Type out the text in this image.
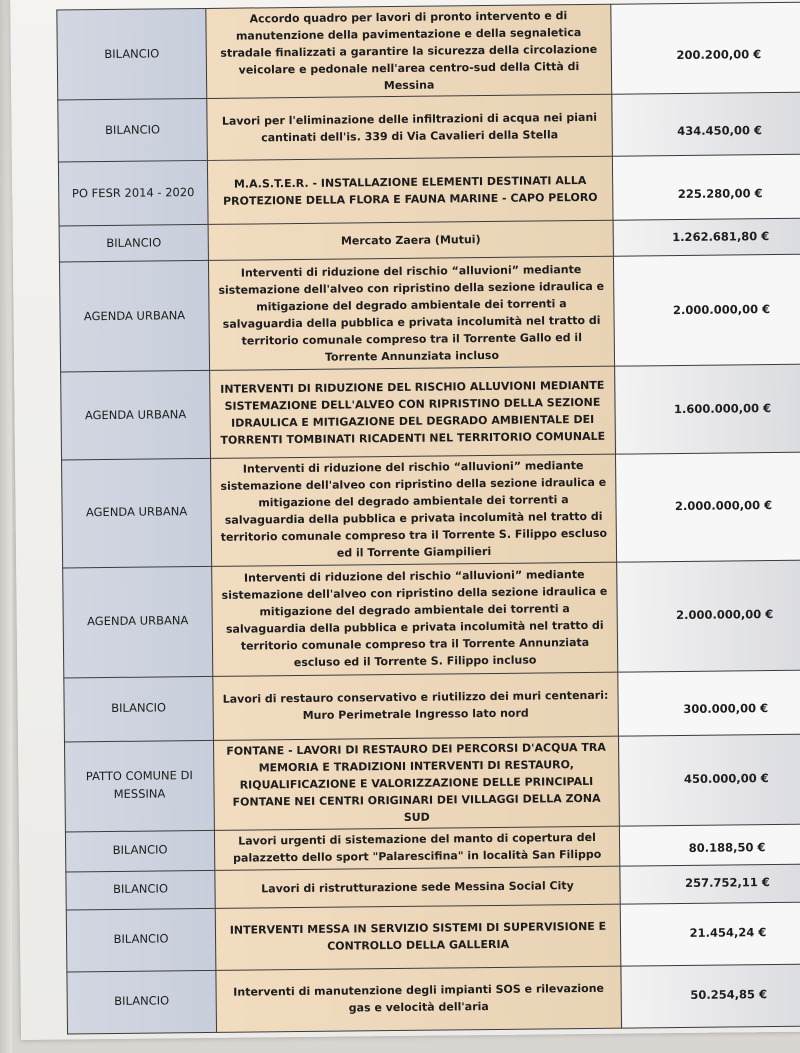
BILANCIO	Accordo quadro per lavori di pronto intervento e di manutenzione della pavimentazione e della segnaletica stradale finalizzati a garantire la sicurezza della circolazione veicolare e pedonale nell'area centro-sud della Città di Messina	200.200,00 €

BILANCIO	Lavori per l'eliminazione delle infiltrazioni di acqua nei piani cantinati dell'is. 339 di Via Cavalieri della Stella	434.450,00 €

PO FESR 2014 - 2020	M.A.S.T.E.R. - INSTALLAZIONE ELEMENTI DESTINATI ALLA PROTEZIONE DELLA FLORA E FAUNA MARINE - CAPO PELORO	225.280,00 €

BILANCIO	Mercato Zaera (Mutui)	1.262.681,80 €
AGENDA URBANA	Interventi di riduzione del rischio “alluvioni” mediante sistemazione dell'alveo con ripristino della sezione idraulica e mitigazione del degrado ambientale dei torrenti a salvaguardia della pubblica e privata incolumità nel tratto di territorio comunale compreso tra il Torrente Gallo ed il Torrente Annunziata incluso	2.000.000,00 €
AGENDA URBANA	INTERVENTI DI RIDUZIONE DEL RISCHIO ALLUVIONI MEDIANTE SISTEMAZIONE DELL'ALVEO CON RIPRISTINO DELLA SEZIONE IDRAULICA E MITIGAZIONE DEL DEGRADO AMBIENTALE DEI TORRENTI TOMBINATI RICADENTI NEL TERRITORIO COMUNALE	1.600.000,00 €
AGENDA URBANA	Interventi di riduzione del rischio “alluvioni” mediante sistemazione dell'alveo con ripristino della sezione idraulica e mitigazione del degrado ambientale dei torrenti a salvaguardia della pubblica e privata incolumità nel tratto di territorio comunale compreso tra il Torrente S. Filippo escluso ed il Torrente Giampilieri	2.000.000,00 €
AGENDA URBANA	Interventi di riduzione del rischio “alluvioni” mediante sistemazione dell'alveo con ripristino della sezione idraulica e mitigazione del degrado ambientale dei torrenti a salvaguardia della pubblica e privata incolumità nel tratto di territorio comunale compreso tra il Torrente Annunziata escluso ed il Torrente S. Filippo incluso	2.000.000,00 €
BILANCIO	Lavori di restauro conservativo e riutilizzo dei muri centenari: Muro Perimetrale Ingresso lato nord	300.000,00 €

PATTO COMUNE DI MESSINA	FONTANE - LAVORI DI RESTAURO DEI PERCORSI D'ACQUA TRA MEMORIA E TRADIZIONI INTERVENTI DI RESTAURO, RIQUALIFICAZIONE E VALORIZZAZIONE DELLE PRINCIPALI FONTANE NEI CENTRI ORIGINARI DEI VILLAGGI DELLA ZONA SUD	450.000,00 €
BILANCIO	Lavori urgenti di sistemazione del manto di copertura del palazzetto dello sport "Palarescifina" in località San Filippo	80.188,50 €

BILANCIO	Lavori di ristrutturazione sede Messina Social City	257.752,11 €
BILANCIO	INTERVENTI MESSA IN SERVIZIO SISTEMI DI SUPERVISIONE E CONTROLLO DELLA GALLERIA	21.454,24 €
BILANCIO	Interventi di manutenzione degli impianti SOS e rilevazione gas e velocità dell'aria	50.254,85 €
